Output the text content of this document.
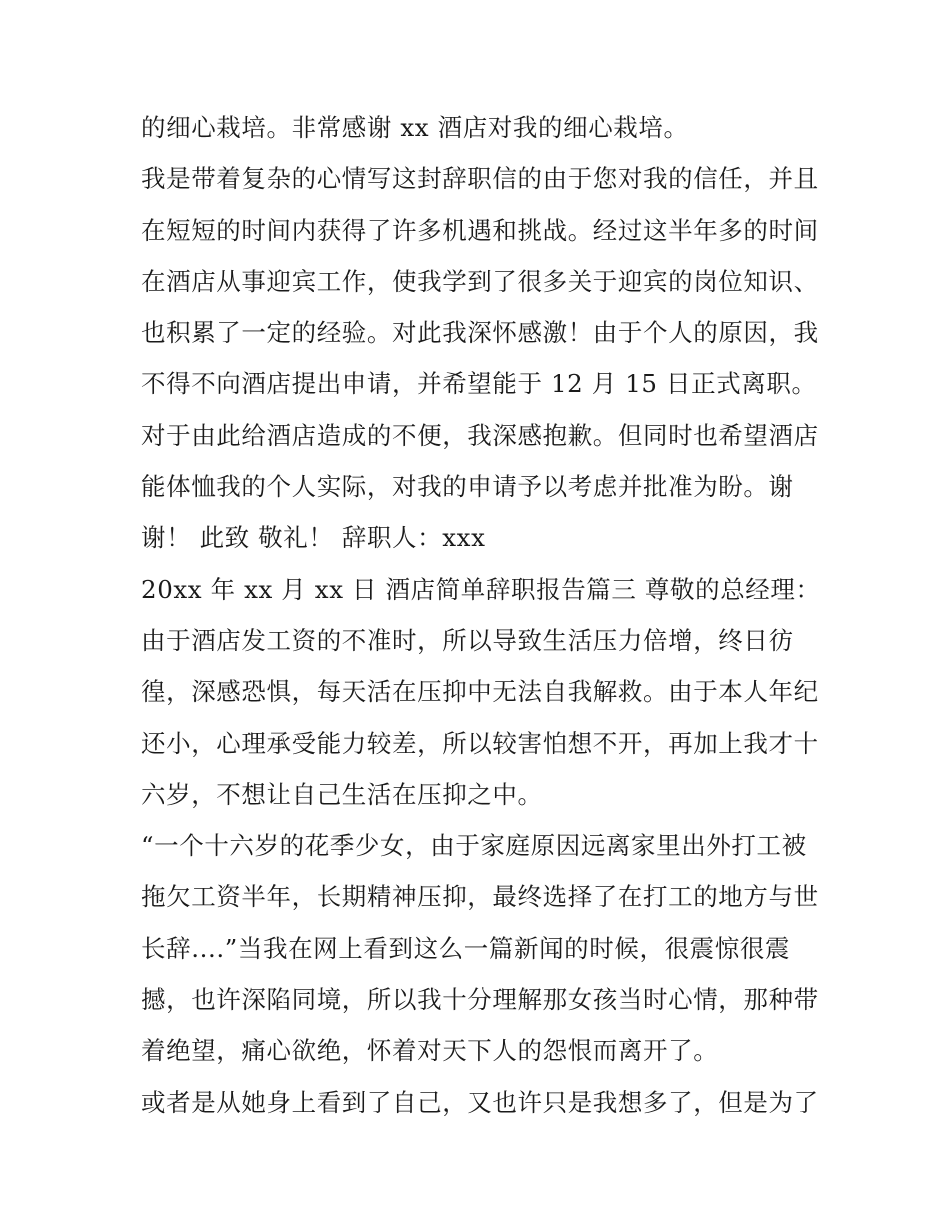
的细心栽培。非常感谢 xx 酒店对我的细心栽培。
我是带着复杂的心情写这封辞职信的由于您对我的信任，并且
在短短的时间内获得了许多机遇和挑战。经过这半年多的时间
在酒店从事迎宾工作，使我学到了很多关于迎宾的岗位知识、
也积累了一定的经验。对此我深怀感激！由于个人的原因，我
不得不向酒店提出申请，并希望能于 12 月 15 日正式离职。
对于由此给酒店造成的不便，我深感抱歉。但同时也希望酒店
能体恤我的个人实际，对我的申请予以考虑并批准为盼。谢
谢！ 此致 敬礼！ 辞职人：xxx
20xx 年 xx 月 xx 日 酒店简单辞职报告篇三 尊敬的总经理：
由于酒店发工资的不准时，所以导致生活压力倍增，终日彷
徨，深感恐惧，每天活在压抑中无法自我解救。由于本人年纪
还小，心理承受能力较差，所以较害怕想不开，再加上我才十
六岁，不想让自己生活在压抑之中。
“一个十六岁的花季少女，由于家庭原因远离家里出外打工被
拖欠工资半年，长期精神压抑，最终选择了在打工的地方与世
长辞....”当我在网上看到这么一篇新闻的时候，很震惊很震
撼，也许深陷同境，所以我十分理解那女孩当时心情，那种带
着绝望，痛心欲绝，怀着对天下人的怨恨而离开了。
或者是从她身上看到了自己，又也许只是我想多了，但是为了
